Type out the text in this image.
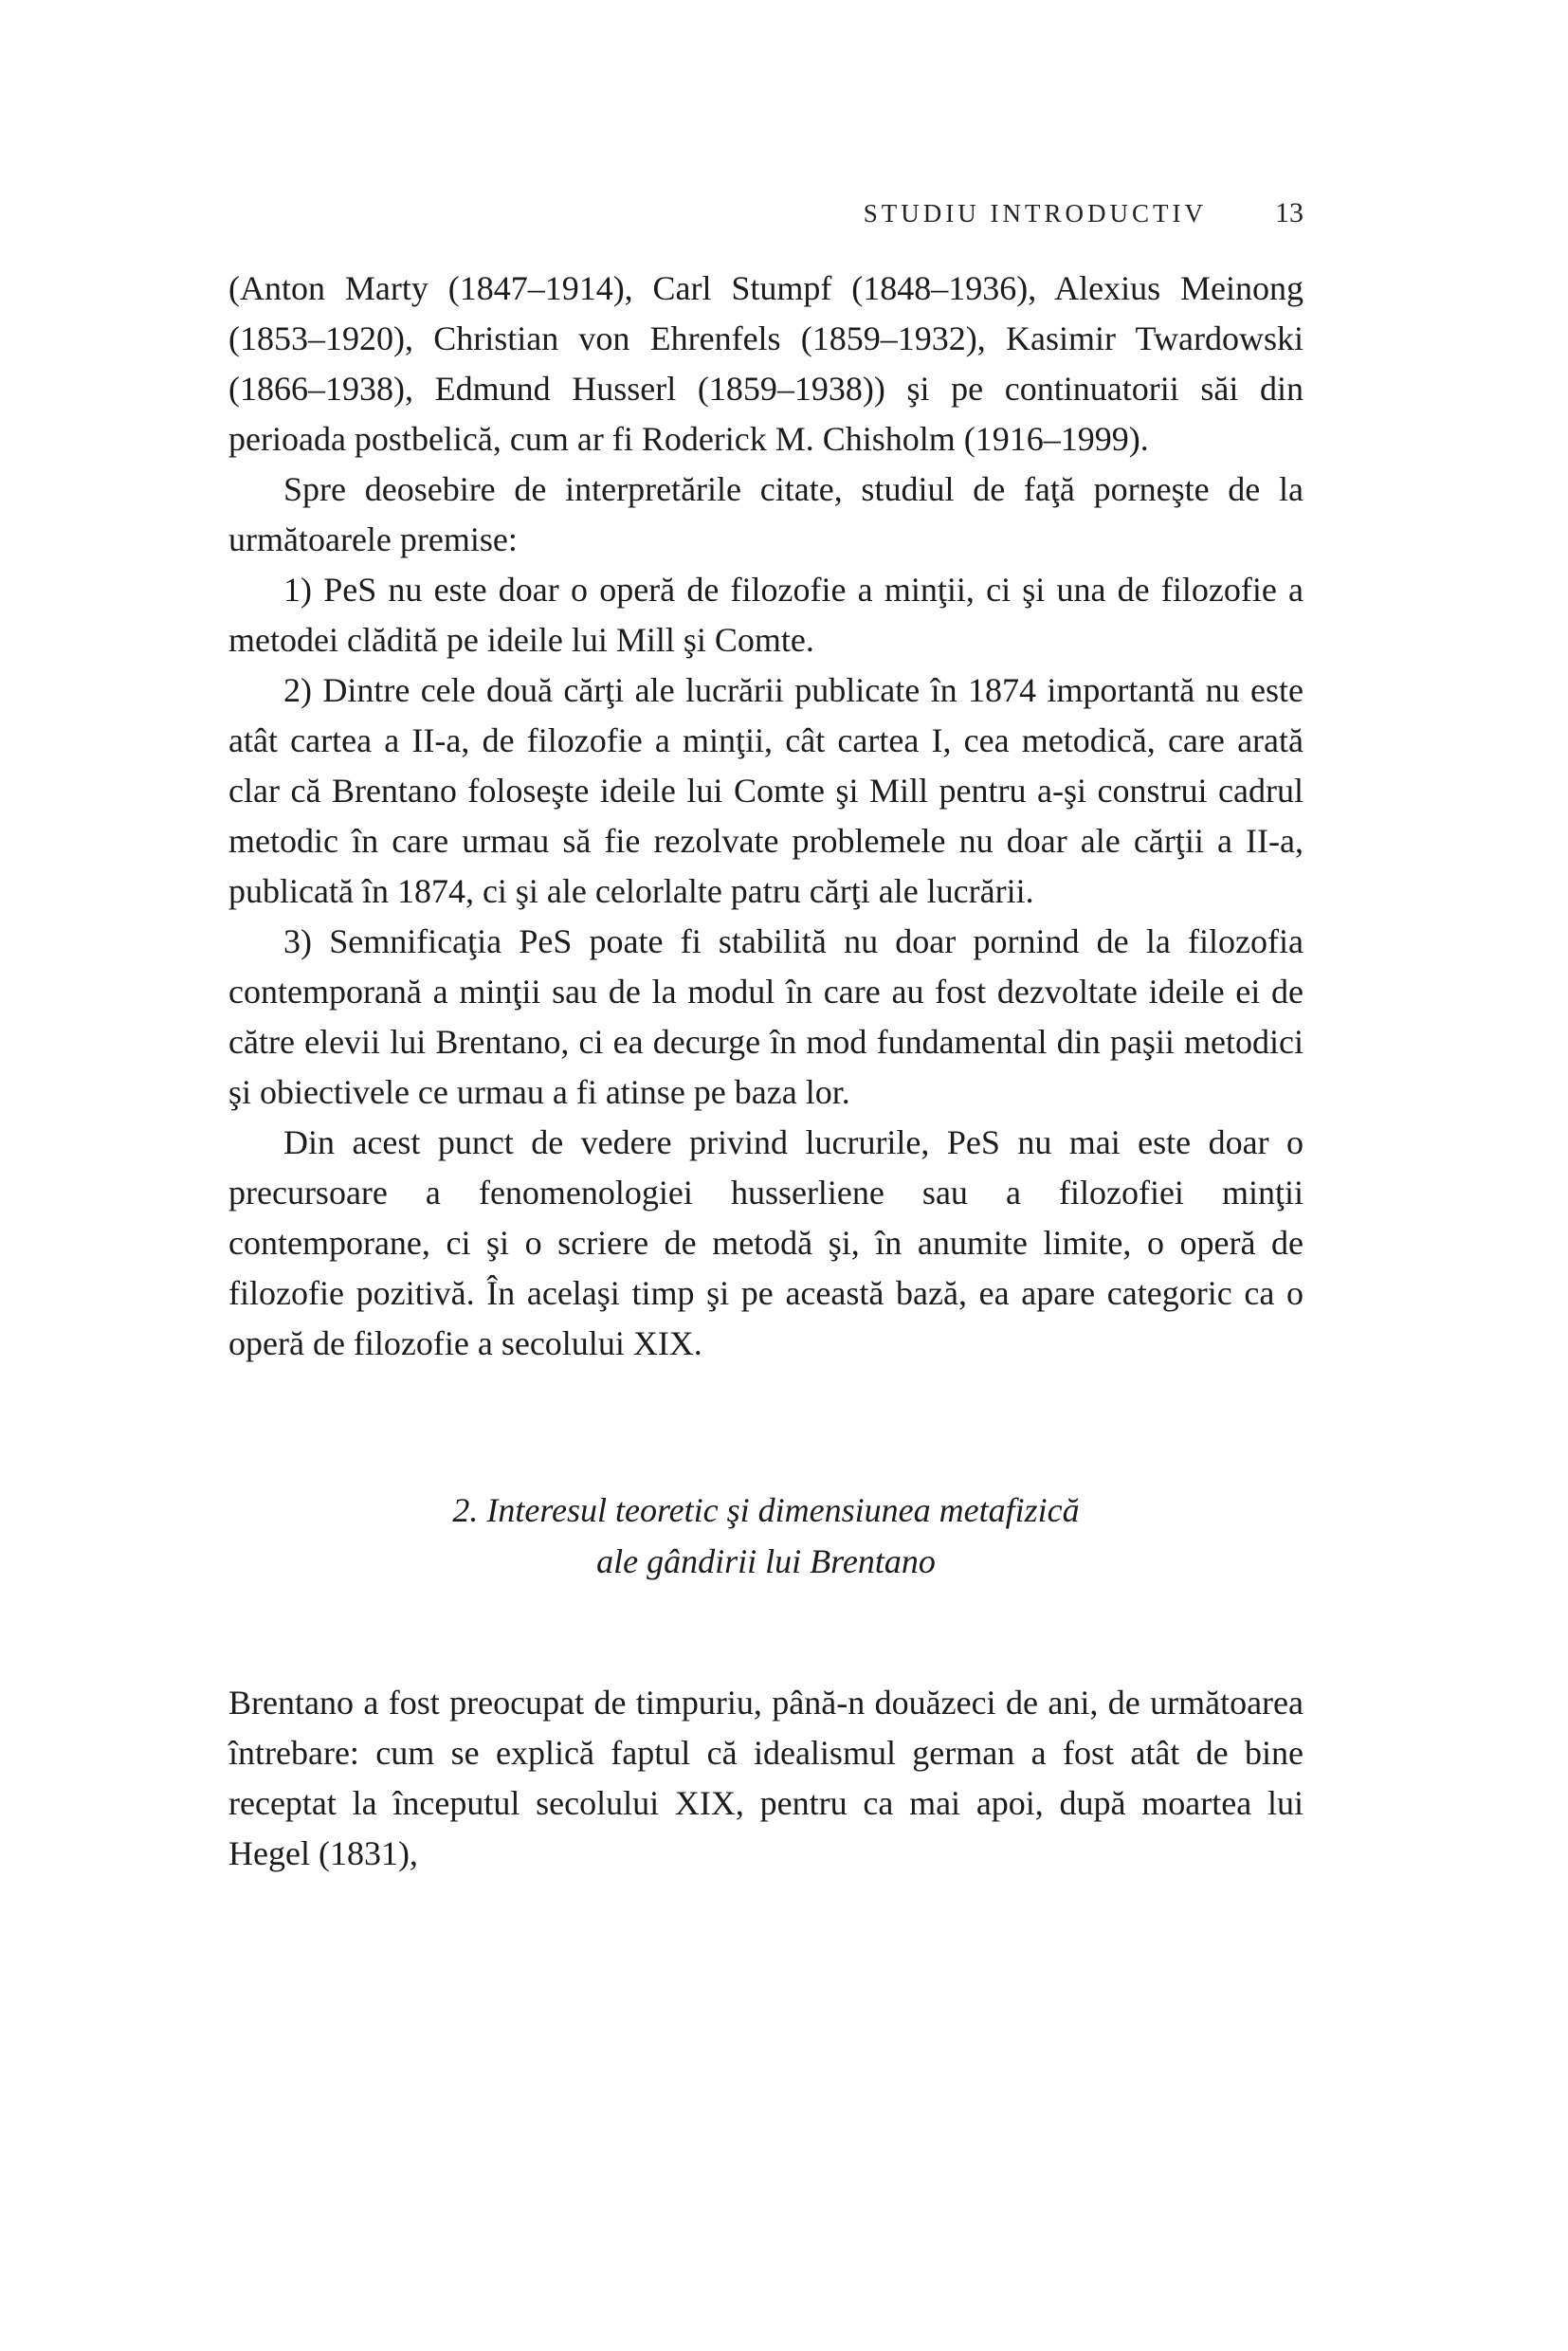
STUDIU INTRODUCTIV 13

(Anton Marty (1847–1914), Carl Stumpf (1848–1936), Alexius Meinong (1853–1920), Christian von Ehrenfels (1859–1932), Kasimir Twardowski (1866–1938), Edmund Husserl (1859–1938)) şi pe continuatorii săi din perioada postbelică, cum ar fi Roderick M. Chisholm (1916–1999).

Spre deosebire de interpretările citate, studiul de faţă porneşte de la următoarele premise:

1) PeS nu este doar o operă de filozofie a minţii, ci şi una de filozofie a metodei clădită pe ideile lui Mill şi Comte.

2) Dintre cele două cărţi ale lucrării publicate în 1874 importantă nu este atât cartea a II-a, de filozofie a minţii, cât cartea I, cea metodică, care arată clar că Brentano foloseşte ideile lui Comte şi Mill pentru a-şi construi cadrul metodic în care urmau să fie rezolvate problemele nu doar ale cărţii a II-a, publicată în 1874, ci şi ale celorlalte patru cărţi ale lucrării.

3) Semnificaţia PeS poate fi stabilită nu doar pornind de la filozofia contemporană a minţii sau de la modul în care au fost dezvoltate ideile ei de către elevii lui Brentano, ci ea decurge în mod fundamental din paşii metodici şi obiectivele ce urmau a fi atinse pe baza lor.

Din acest punct de vedere privind lucrurile, PeS nu mai este doar o precursoare a fenomenologiei husserliene sau a filozofiei minţii contemporane, ci şi o scriere de metodă şi, în anumite limite, o operă de filozofie pozitivă. În acelaşi timp şi pe această bază, ea apare categoric ca o operă de filozofie a secolului XIX.

2. Interesul teoretic şi dimensiunea metafizică
ale gândirii lui Brentano

Brentano a fost preocupat de timpuriu, până-n douăzeci de ani, de următoarea întrebare: cum se explică faptul că idealismul german a fost atât de bine receptat la începutul secolului XIX, pentru ca mai apoi, după moartea lui Hegel (1831),
